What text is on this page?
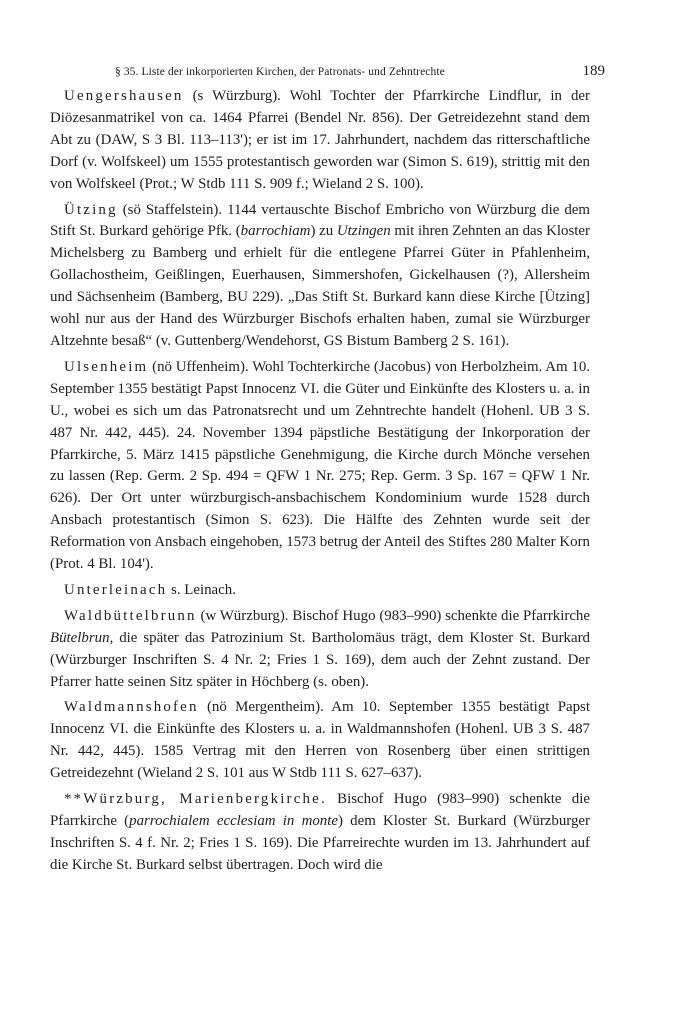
§ 35. Liste der inkorporierten Kirchen, der Patronats- und Zehntrechte	189

Uengershausen (s Würzburg). Wohl Tochter der Pfarrkirche Lindflur, in der Diözesanmatrikel von ca. 1464 Pfarrei (Bendel Nr. 856). Der Getreidezehnt stand dem Abt zu (DAW, S 3 Bl. 113–113'); er ist im 17. Jahrhundert, nachdem das ritterschaftliche Dorf (v. Wolfskeel) um 1555 protestantisch geworden war (Simon S. 619), strittig mit den von Wolfskeel (Prot.; W Stdb 111 S. 909 f.; Wieland 2 S. 100).

Ützing (sö Staffelstein). 1144 vertauschte Bischof Embricho von Würzburg die dem Stift St. Burkard gehörige Pfk. (barrochiam) zu Utzingen mit ihren Zehnten an das Kloster Michelsberg zu Bamberg und erhielt für die entlegene Pfarrei Güter in Pfahlenheim, Gollachostheim, Geißlingen, Euerhausen, Simmershofen, Gickelhausen (?), Allersheim und Sächsenheim (Bamberg, BU 229). „Das Stift St. Burkard kann diese Kirche [Ützing] wohl nur aus der Hand des Würzburger Bischofs erhalten haben, zumal sie Würzburger Altzehnte besaß“ (v. Guttenberg/Wendehorst, GS Bistum Bamberg 2 S. 161).

Ulsenheim (nö Uffenheim). Wohl Tochterkirche (Jacobus) von Herbolzheim. Am 10. September 1355 bestätigt Papst Innocenz VI. die Güter und Einkünfte des Klosters u. a. in U., wobei es sich um das Patronatsrecht und um Zehntrechte handelt (Hohenl. UB 3 S. 487 Nr. 442, 445). 24. November 1394 päpstliche Bestätigung der Inkorporation der Pfarrkirche, 5. März 1415 päpstliche Genehmigung, die Kirche durch Mönche versehen zu lassen (Rep. Germ. 2 Sp. 494 = QFW 1 Nr. 275; Rep. Germ. 3 Sp. 167 = QFW 1 Nr. 626). Der Ort unter würzburgisch-ansbachischem Kondominium wurde 1528 durch Ansbach protestantisch (Simon S. 623). Die Hälfte des Zehnten wurde seit der Reformation von Ansbach eingehoben, 1573 betrug der Anteil des Stiftes 280 Malter Korn (Prot. 4 Bl. 104').

Unterleinach s. Leinach.

Waldbüttelbrunn (w Würzburg). Bischof Hugo (983–990) schenkte die Pfarrkirche Bütelbrun, die später das Patrozinium St. Bartholomäus trägt, dem Kloster St. Burkard (Würzburger Inschriften S. 4 Nr. 2; Fries 1 S. 169), dem auch der Zehnt zustand. Der Pfarrer hatte seinen Sitz später in Höchberg (s. oben).

Waldmannshofen (nö Mergentheim). Am 10. September 1355 bestätigt Papst Innocenz VI. die Einkünfte des Klosters u. a. in Waldmannshofen (Hohenl. UB 3 S. 487 Nr. 442, 445). 1585 Vertrag mit den Herren von Rosenberg über einen strittigen Getreidezehnt (Wieland 2 S. 101 aus W Stdb 111 S. 627–637).

**Würzburg, Marienbergkirche. Bischof Hugo (983–990) schenkte die Pfarrkirche (parrochialem ecclesiam in monte) dem Kloster St. Burkard (Würzburger Inschriften S. 4 f. Nr. 2; Fries 1 S. 169). Die Pfarreirechte wurden im 13. Jahrhundert auf die Kirche St. Burkard selbst übertragen. Doch wird die
